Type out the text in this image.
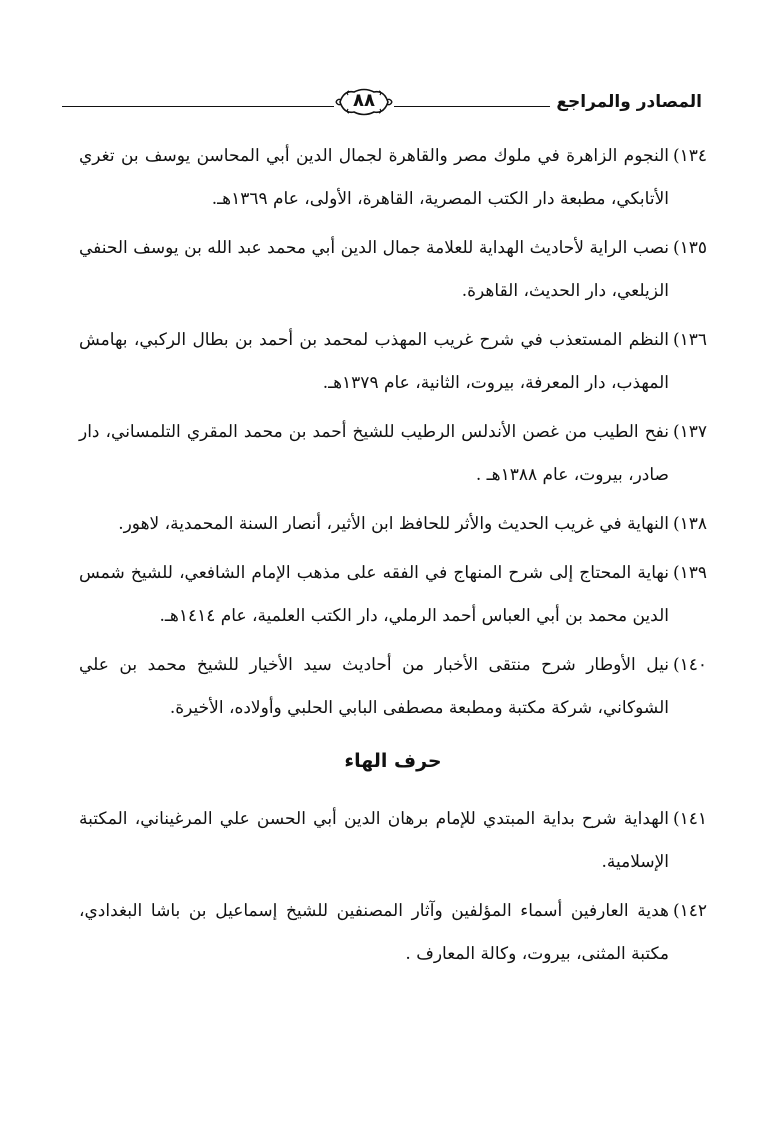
المصادر والمراجع
٨٨
١٣٤)
النجوم الزاهرة في ملوك مصر والقاهرة لجمال الدين أبي المحاسن يوسف بن تغري الأتابكي، مطبعة دار الكتب المصرية، القاهرة، الأولى، عام ١٣٦٩هـ.
١٣٥)
نصب الراية لأحاديث الهداية للعلامة جمال الدين أبي محمد عبد الله بن يوسف الحنفي الزيلعي، دار الحديث، القاهرة.
١٣٦)
النظم المستعذب في شرح غريب المهذب لمحمد بن أحمد بن بطال الركبي، بهامش المهذب، دار المعرفة، بيروت، الثانية، عام ١٣٧٩هـ.
١٣٧)
نفح الطيب من غصن الأندلس الرطيب للشيخ أحمد بن محمد المقري التلمساني، دار صادر، بيروت، عام ١٣٨٨هـ .
١٣٨)
النهاية في غريب الحديث والأثر للحافظ ابن الأثير، أنصار السنة المحمدية، لاهور.
١٣٩)
نهاية المحتاج إلى شرح المنهاج في الفقه على مذهب الإمام الشافعي، للشيخ شمس الدين محمد بن أبي العباس أحمد الرملي، دار الكتب العلمية، عام ١٤١٤هـ.
١٤٠)
نيل الأوطار شرح منتقى الأخبار من أحاديث سيد الأخيار للشيخ محمد بن علي الشوكاني، شركة مكتبة ومطبعة مصطفى البابي الحلبي وأولاده، الأخيرة.
حرف الهاء
١٤١)
الهداية شرح بداية المبتدي للإمام برهان الدين أبي الحسن علي المرغيناني، المكتبة الإسلامية.
١٤٢)
هدية العارفين أسماء المؤلفين وآثار المصنفين للشيخ إسماعيل بن باشا البغدادي، مكتبة المثنى، بيروت، وكالة المعارف .
